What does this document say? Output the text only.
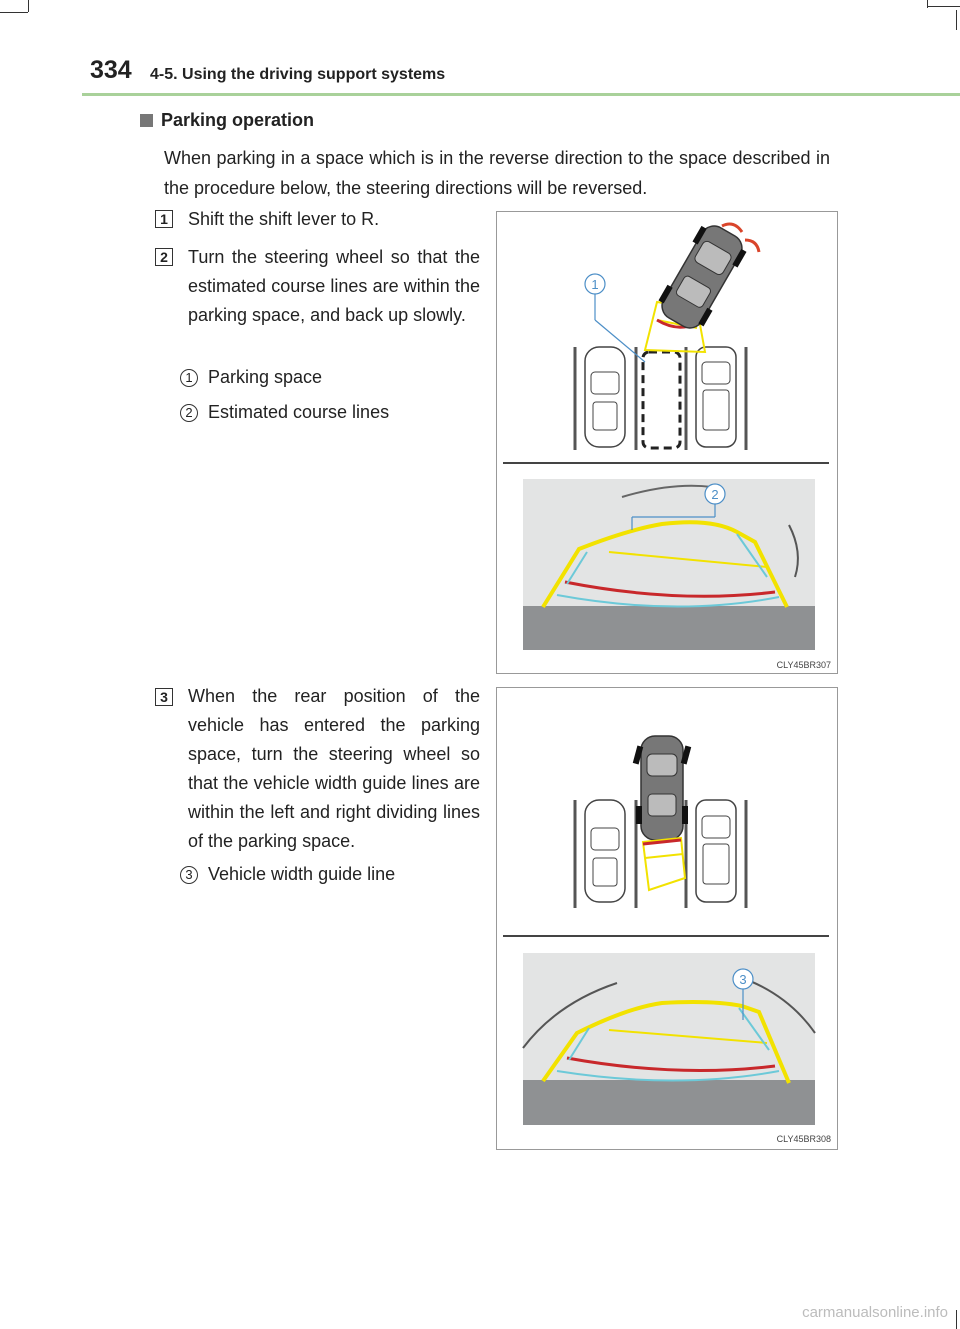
334 4-5. Using the driving support systems
Parking operation
When parking in a space which is in the reverse direction to the space described in the procedure below, the steering directions will be reversed.
1 Shift the shift lever to R.
2 Turn the steering wheel so that the estimated course lines are within the parking space, and back up slowly.
1 Parking space
2 Estimated course lines
3 When the rear position of the vehicle has entered the parking space, turn the steering wheel so that the vehicle width guide lines are within the left and right dividing lines of the parking space.
3 Vehicle width guide line
1
2
CLY45BR307
3
CLY45BR308
carmanualsonline.info
